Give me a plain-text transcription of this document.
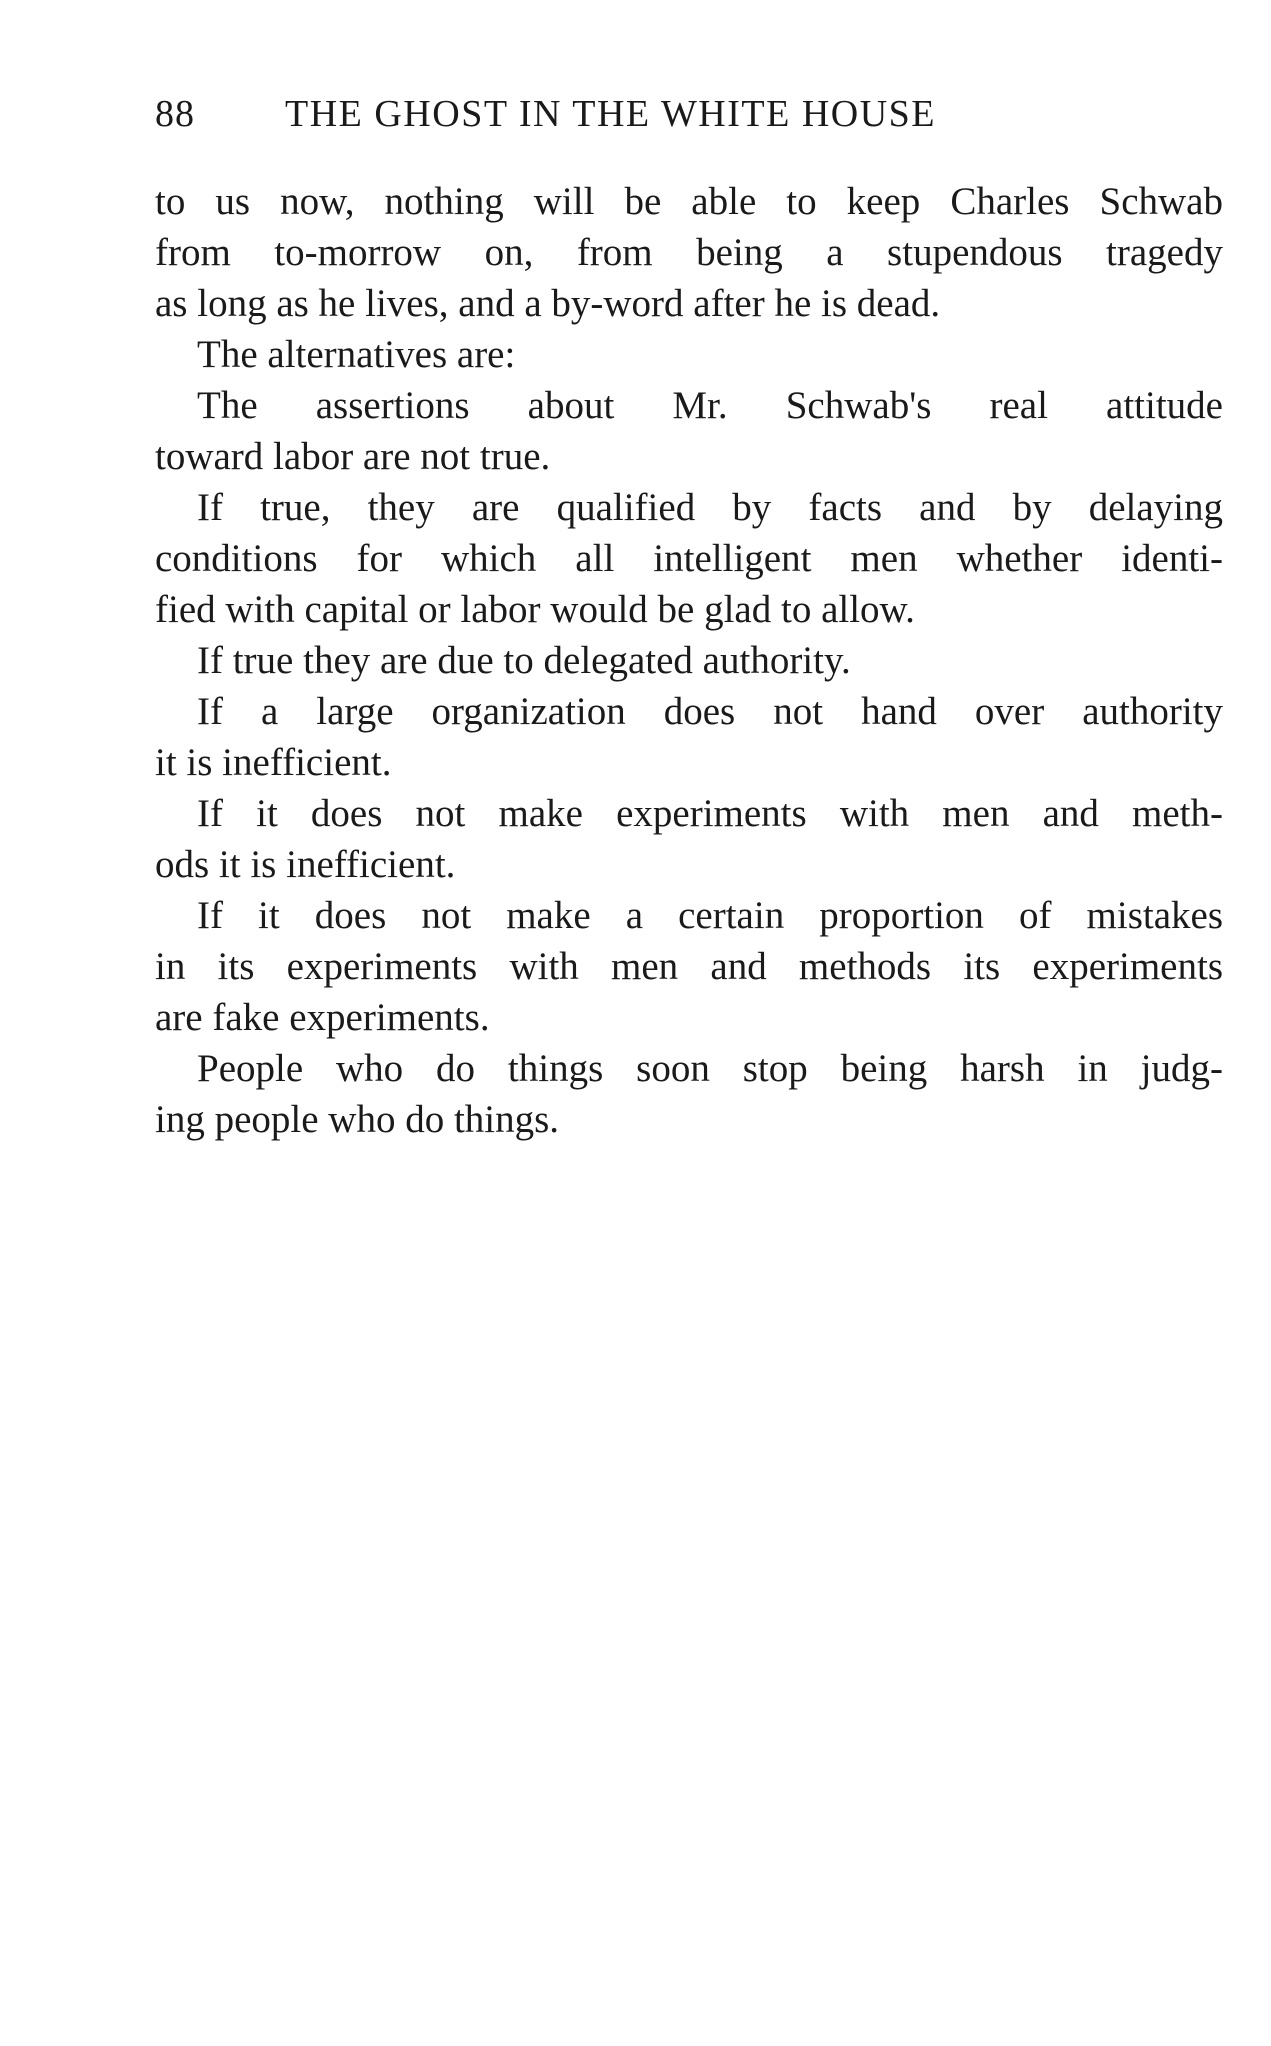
88 THE GHOST IN THE WHITE HOUSE
to us now, nothing will be able to keep Charles Schwab
from to-morrow on, from being a stupendous tragedy
as long as he lives, and a by-word after he is dead.
The alternatives are:
The assertions about Mr. Schwab's real attitude
toward labor are not true.
If true, they are qualified by facts and by delaying
conditions for which all intelligent men whether identi-
fied with capital or labor would be glad to allow.
If true they are due to delegated authority.
If a large organization does not hand over authority
it is inefficient.
If it does not make experiments with men and meth-
ods it is inefficient.
If it does not make a certain proportion of mistakes
in its experiments with men and methods its experiments
are fake experiments.
People who do things soon stop being harsh in judg-
ing people who do things.
